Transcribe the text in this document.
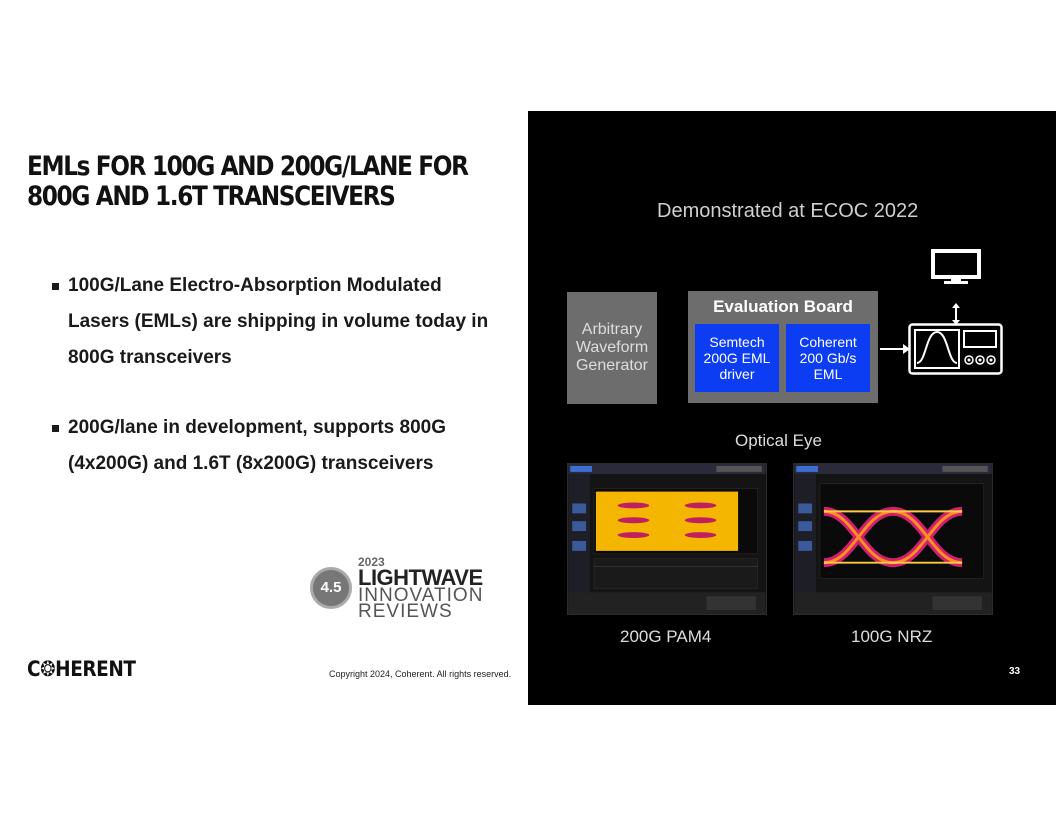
EMLs FOR 100G AND 200G/LANE FOR
800G AND 1.6T TRANSCEIVERS
100G/Lane Electro-Absorption Modulated Lasers (EMLs) are shipping in volume today in 800G transceivers
200G/lane in development, supports 800G (4x200G) and 1.6T (8x200G) transceivers
2023
4.5 LIGHTWAVE
INNOVATION
REVIEWS
C❂HERENT	Copyright 2024, Coherent. All rights reserved.
Demonstrated at ECOC 2022
Arbitrary Waveform Generator
Evaluation Board
Semtech 200G EML driver
Coherent 200 Gb/s EML
Optical Eye
200G PAM4	100G NRZ
33
